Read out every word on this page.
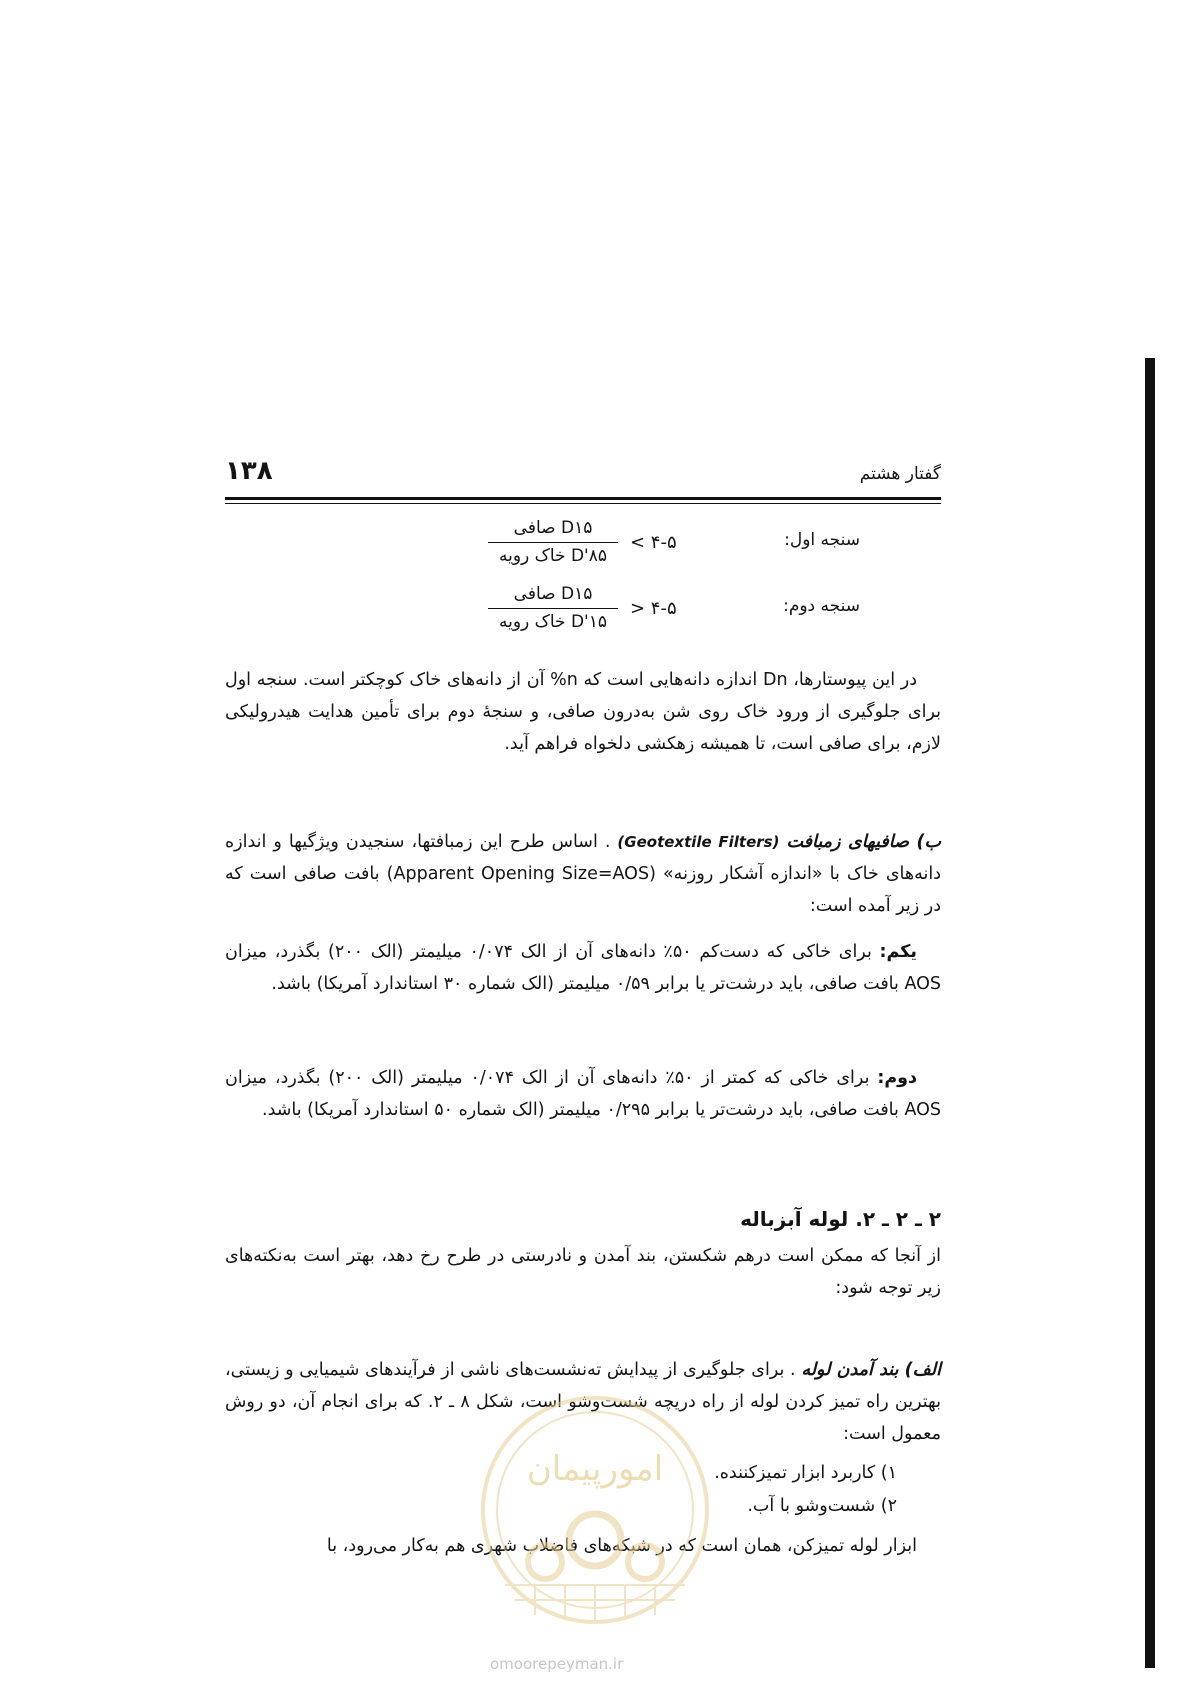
۱۳۸	گفتار هشتم
D۱۵ صافی
D'۸۵ خاک رویه
< ۴-۵	سنجه اول:
D۱۵ صافی
D'۱۵ خاک رویه
> ۴-۵	سنجه دوم:

در این پیوستارها، Dn اندازه دانه‌هایی است که n% آن از دانه‌های خاک کوچکتر است. سنجه اول برای جلوگیری از ورود خاک روی شن به‌درون صافی، و سنجهٔ دوم برای تأمین هدایت هیدرولیکی لازم، برای صافی است، تا همیشه زهکشی دلخواه فراهم آید.

ب) صافیهای زمبافت (Geotextile Filters) . اساس طرح این زمبافتها، سنجیدن ویژگیها و اندازه دانه‌های خاک با «اندازه آشکار روزنه» (Apparent Opening Size=AOS) بافت صافی است که در زیر آمده است:

یکم: برای خاکی که دست‌کم ۵۰٪ دانه‌های آن از الک ۰/۰۷۴ میلیمتر (الک ۲۰۰) بگذرد، میزان AOS بافت صافی، باید درشت‌تر یا برابر ۰/۵۹ میلیمتر (الک شماره ۳۰ استاندارد آمریکا) باشد.

دوم: برای خاکی که کمتر از ۵۰٪ دانه‌های آن از الک ۰/۰۷۴ میلیمتر (الک ۲۰۰) بگذرد، میزان AOS بافت صافی، باید درشت‌تر یا برابر ۰/۲۹۵ میلیمتر (الک شماره ۵۰ استاندارد آمریکا) باشد.

۲ ـ ۲ ـ ۲. لوله آبزباله

از آنجا که ممکن است درهم شکستن، بند آمدن و نادرستی در طرح رخ دهد، بهتر است به‌نکته‌های زیر توجه شود:

الف) بند آمدن لوله . برای جلوگیری از پیدایش ته‌نشست‌های ناشی از فرآیندهای شیمیایی و زیستی، بهترین راه تمیز کردن لوله از راه دریچه شست‌وشو است، شکل ۸ ـ ۲. که برای انجام آن، دو روش معمول است:

۱) کاربرد ابزار تمیزکننده.
۲) شست‌وشو با آب.

ابزار لوله تمیزکن، همان است که در شبکه‌های فاضلاب شهری هم به‌کار می‌رود، با

امورپیمان
omoorepeyman.ir
